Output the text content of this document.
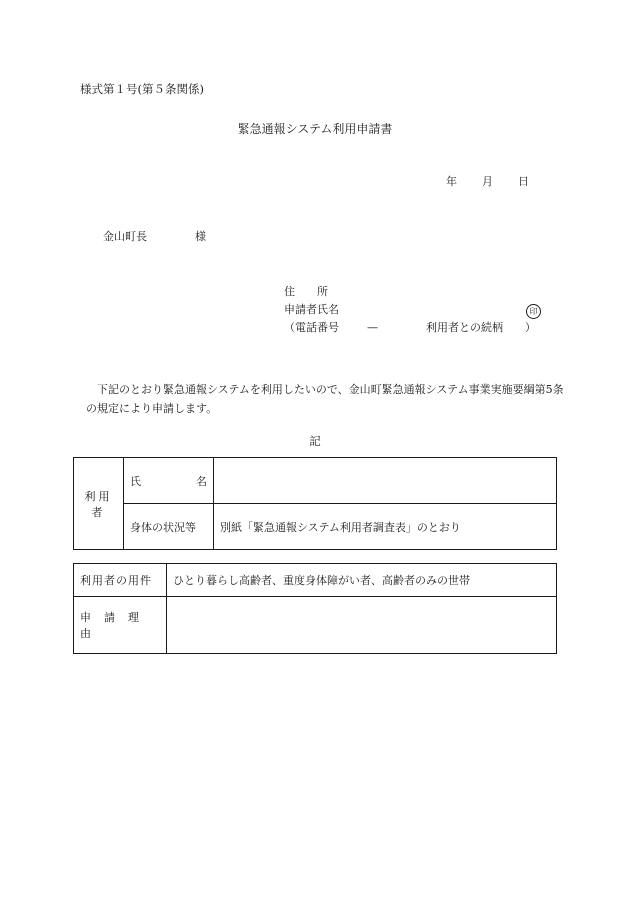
様式第１号(第５条関係)
緊急通報システム利用申請書
年 月 日
金山町長	様
住　　所
申請者氏名
（電話番号	—	利用者との続柄 ）
印
　下記のとおり緊急通報システムを利用したいので、金山町緊急通報システム事業実施要綱第5条の規定により申請します。
記
利用者	氏 名	

	身体の状況等	別紙「緊急通報システム利用者調査表」のとおり
利用者の用件	ひとり暮らし高齢者、重度身体障がい者、高齢者のみの世帯
申　請　理　由	
